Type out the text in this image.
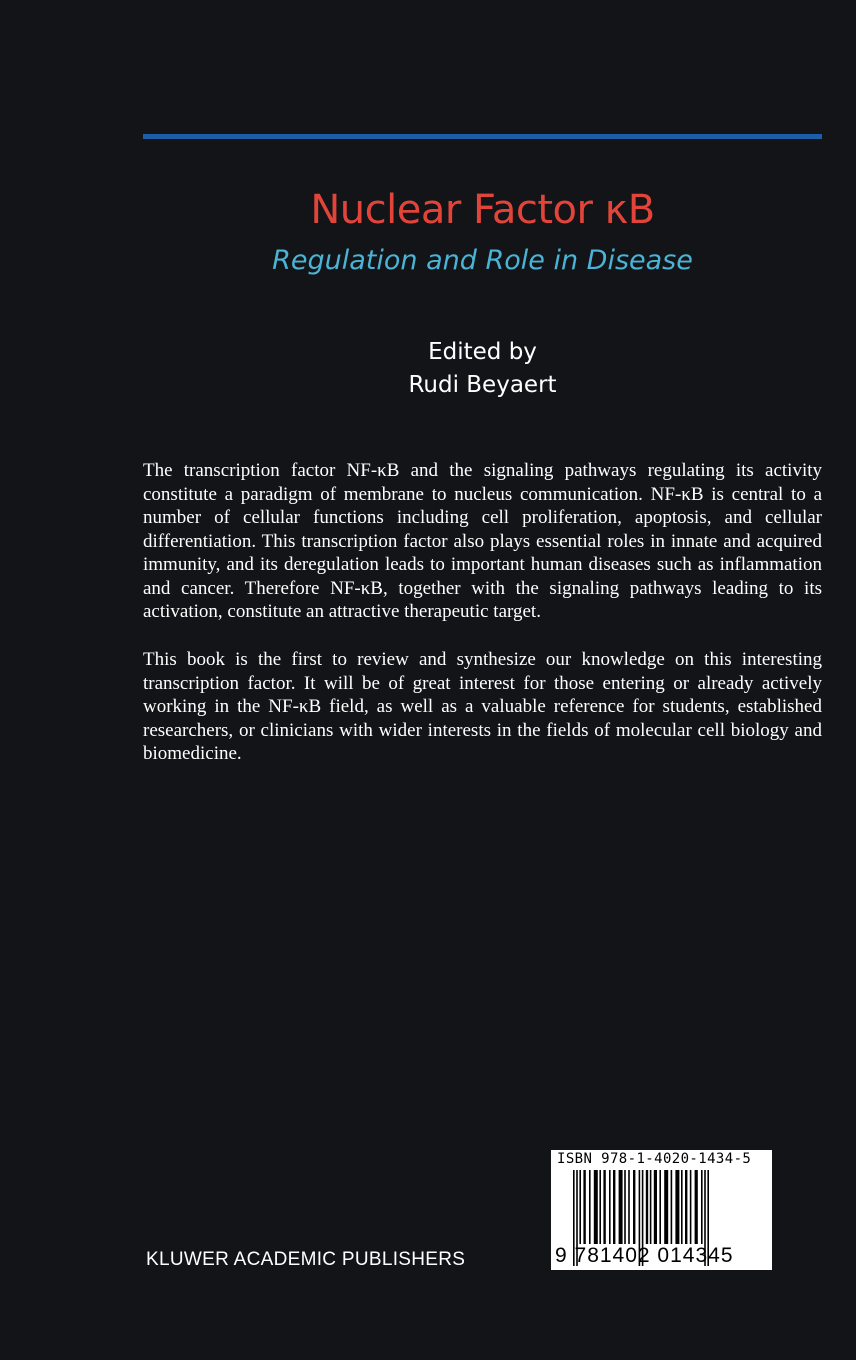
Nuclear Factor κB
Regulation and Role in Disease
Edited by
Rudi Beyaert

The transcription factor NF-κB and the signaling pathways regulating its activity constitute a paradigm of membrane to nucleus communication. NF-κB is central to a number of cellular functions including cell proliferation, apoptosis, and cellular differentiation. This transcription factor also plays essential roles in innate and acquired immunity, and its deregulation leads to important human diseases such as inflammation and cancer. Therefore NF-κB, together with the signaling pathways leading to its activation, constitute an attractive therapeutic target.

This book is the first to review and synthesize our knowledge on this interesting transcription factor. It will be of great interest for those entering or already actively working in the NF-κB field, as well as a valuable reference for students, established researchers, or clinicians with wider interests in the fields of molecular cell biology and biomedicine.

KLUWER ACADEMIC PUBLISHERS
ISBN 978-1-4020-1434-5
9 781402 014345
